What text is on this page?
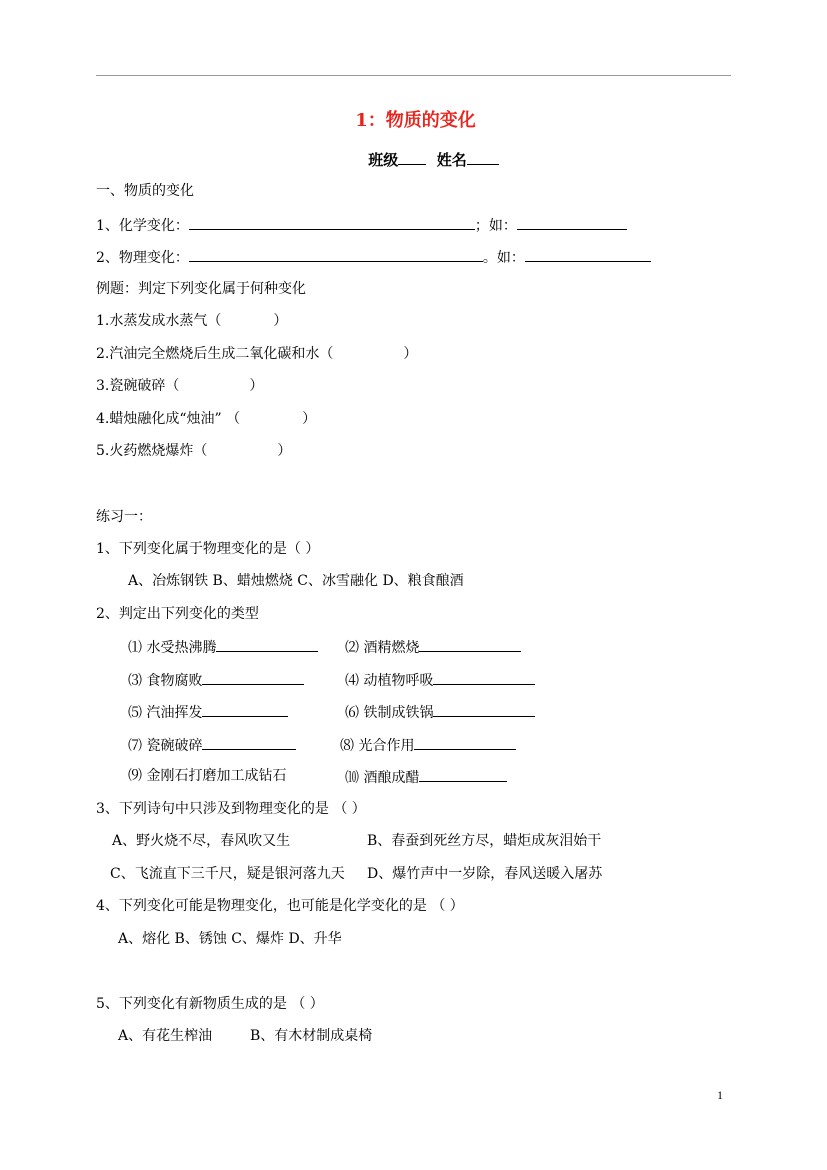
1：物质的变化
班级	姓名
一、物质的变化
1、化学变化：	；如：
2、物理变化：	。如：
例题：判定下列变化属于何种变化
1.水蒸发成水蒸气（	）
2.汽油完全燃烧后生成二氧化碳和水（	）
3.瓷碗破碎（	）
4.蜡烛融化成“烛油” （	）
5.火药燃烧爆炸（	）
练习一：
1、下列变化属于物理变化的是（ ）
A、冶炼钢铁 B、蜡烛燃烧 C、冰雪融化 D、粮食酿酒
2、判定出下列变化的类型
⑴ 水受热沸腾	⑵ 酒精燃烧
⑶ 食物腐败	⑷ 动植物呼吸
⑸ 汽油挥发	⑹ 铁制成铁锅
⑺ 瓷碗破碎	⑻ 光合作用
⑼ 金刚石打磨加工成钻石	⑽ 酒酿成醋
3、下列诗句中只涉及到物理变化的是 （ ）
A、野火烧不尽，春风吹又生	B、春蚕到死丝方尽，蜡炬成灰泪始干
C、飞流直下三千尺，疑是银河落九天 D、爆竹声中一岁除，春风送暖入屠苏
4、下列变化可能是物理变化，也可能是化学变化的是 （ ）
A、熔化 B、锈蚀 C、爆炸 D、升华
5、下列变化有新物质生成的是 （ ）
A、有花生榨油	B、有木材制成桌椅
1
